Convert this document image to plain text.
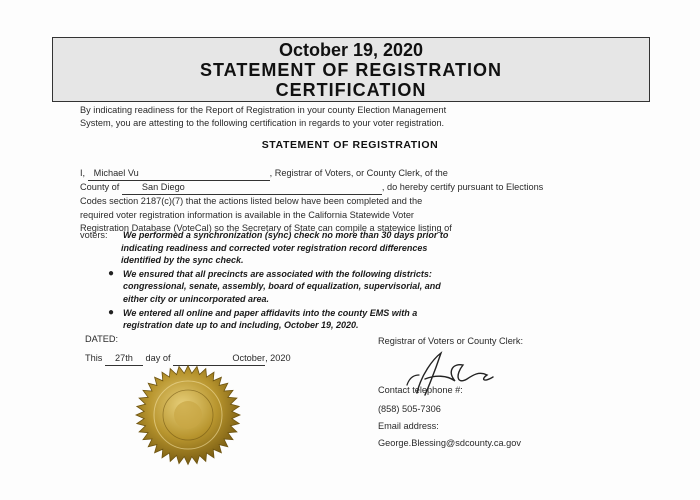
October 19, 2020
STATEMENT OF REGISTRATION
CERTIFICATION
By indicating readiness for the Report of Registration in your county Election Management
System, you are attesting to the following certification in regards to your voter registration.
STATEMENT OF REGISTRATION
I, Michael Vu	, Registrar of Voters, or County Clerk, of the
County of San Diego	, do hereby certify pursuant to Elections
Codes section 2187(c)(7) that the actions listed below have been completed and the
required voter registration information is available in the California Statewide Voter
Registration Database (VoteCal) so the Secretary of State can compile a statewice listing of
voters: We performed a synchronization (sync) check no more than 30 days prior to
indicating readiness and corrected voter registration record differences
identified by the sync check.
● We ensured that all precincts are associated with the following districts:
congressional, senate, assembly, board of equalization, supervisorial, and
either city or unincorporated area.
● We entered all online and paper affidavits into the county EMS with a
registration date up to and including, October 19, 2020.
DATED:
This 27th day of	October, 2020
Registrar of Voters or County Clerk:
Contact telephone #:
(858) 505-7306
Email address:
George.Blessing@sdcounty.ca.gov
